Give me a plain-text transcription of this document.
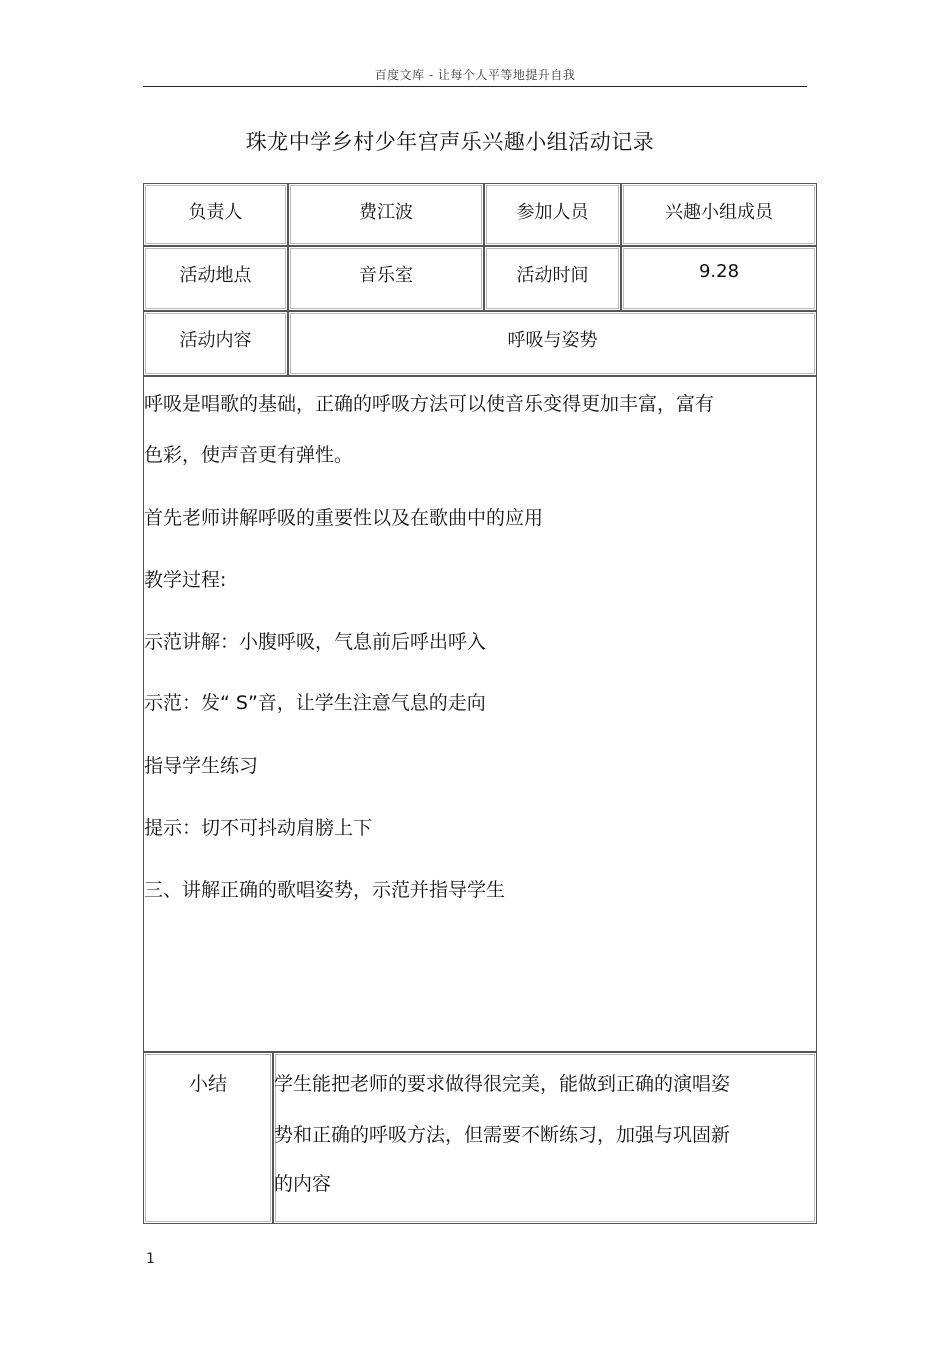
百度文库 - 让每个人平等地提升自我
珠龙中学乡村少年宫声乐兴趣小组活动记录
负责人	费江波	参加人员	兴趣小组成员
活动地点	音乐室	活动时间	9.28
活动内容	呼吸与姿势
呼吸是唱歌的基础，正确的呼吸方法可以使音乐变得更加丰富，富有
色彩，使声音更有弹性。
首先老师讲解呼吸的重要性以及在歌曲中的应用
教学过程:
示范讲解：小腹呼吸，气息前后呼出呼入
示范：发“ S”音，让学生注意气息的走向
指导学生练习
提示：切不可抖动肩膀上下
三、讲解正确的歌唱姿势，示范并指导学生
小结	学生能把老师的要求做得很完美，能做到正确的演唱姿
势和正确的呼吸方法，但需要不断练习，加强与巩固新
的内容
1
